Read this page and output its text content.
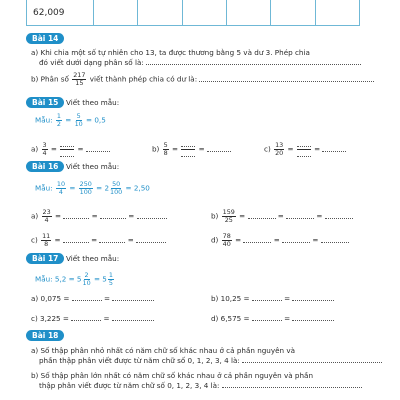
62,009
Bài 14
a) Khi chia một số tự nhiên cho 13, ta được thương bằng 5 và dư 3. Phép chia
đó viết dưới dạng phân số là:
b) Phân số $\frac{217}{15}$ viết thành phép chia có dư là:
Bài 15	Viết theo mẫu:
Mẫu: $\frac{1}{2} = \frac{5}{10} = 0,5$
$a) \frac{3}{4}$ =	=	$b) \frac{5}{8}$ =	=	$c) \frac{13}{20}$ =	=
Bài 16	Viết theo mẫu:
Mẫu: $\frac{10}{4} = \frac{250}{100} = 2 \frac{50}{100} = 2,50$
$a) \frac{23}{4}$ =	=	=	$b) \frac{159}{25}$ =	=	=
$c) \frac{11}{8}$ =	=	=	$d) \frac{78}{40}$ =	=	=
Bài 17	Viết theo mẫu:
Mẫu: $5,2 = 5 \frac{2}{10} = 5 \frac{1}{5}$
a) 0,075 =	=	b) 10,25 =	=
c) 3,225 =	=	d) 6,575 =	=
Bài 18
a) Số thập phân nhỏ nhất có năm chữ số khác nhau ở cả phần nguyên và
phần thập phân viết được từ năm chữ số 0, 1, 2, 3, 4 là:
b) Số thập phân lớn nhất có năm chữ số khác nhau ở cả phần nguyên và phần
thập phân viết được từ năm chữ số 0, 1, 2, 3, 4 là:
